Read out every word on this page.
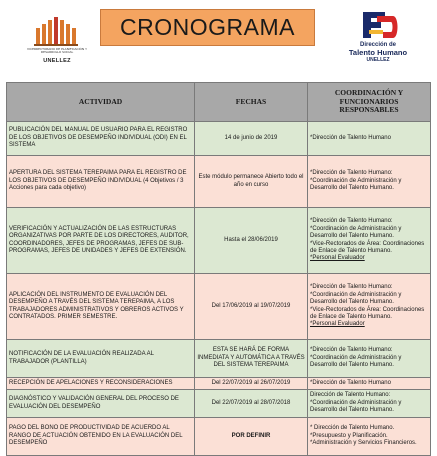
VICERRECTORADO DE PLANIFICACIÓN Y DESARROLLO SOCIAL
UNELLEZ
CRONOGRAMA
Dirección de
Talento Humano
UNELLEZ
ACTIVIDAD	FECHAS	COORDINACIÓN Y FUNCIONARIOS RESPONSABLES
PUBLICACIÓN DEL MANUAL DE USUARIO PARA EL REGISTRO DE LOS OBJETIVOS DE DESEMPEÑO INDIVIDUAL (ODI) EN EL SISTEMA	14 de junio de 2019	*Dirección de Talento Humano

APERTURA DEL SISTEMA TEREPAIMA PARA EL REGISTRO DE LOS OBJETIVOS DE DESEMPEÑO INDIVIDUAL (4 Objetivos / 3 Acciones para cada objetivo)	Este módulo permanece Abierto todo el año en curso	*Dirección de Talento Humano:
*Coordinación de Administración y Desarrollo del Talento Humano.

VERIFICACIÓN Y ACTUALIZACIÓN DE LAS ESTRUCTURAS ORGANIZATIVAS POR PARTE DE LOS DIRECTORES, AUDITOR, COORDINADORES, JEFES DE PROGRAMAS, JEFES DE SUB-PROGRAMAS, JEFES DE UNIDADES Y JEFES DE EXTENSIÓN.	Hasta el 28/06/2019	*Dirección de Talento Humano:
*Coordinación de Administración y Desarrollo del Talento Humano.
*Vice-Rectorados de Área: Coordinaciones de Enlace de Talento Humano.
*Personal Evaluador

APLICACIÓN DEL INSTRUMENTO DE EVALUACIÓN DEL DESEMPEÑO A TRAVÉS DEL SISTEMA TEREPAIMA, A LOS TRABAJADORES ADMINISTRATIVOS Y OBREROS ACTIVOS Y CONTRATADOS. PRIMER SEMESTRE.	Del 17/06/2019 al 19/07/2019	*Dirección de Talento Humano:
*Coordinación de Administración y Desarrollo del Talento Humano.
*Vice-Rectorados de Área: Coordinaciones de Enlace de Talento Humano.
*Personal Evaluador

NOTIFICACIÓN DE LA EVALUACIÓN REALIZADA AL TRABAJADOR (PLANTILLA)	ESTA SE HARÁ DE FORMA INMEDIATA Y AUTOMÁTICA A TRAVÉS DEL SISTEMA TEREPAIMA	*Dirección de Talento Humano:
*Coordinación de Administración y Desarrollo del Talento Humano.

RECEPCIÓN DE APELACIONES Y RECONSIDERACIONES	Del 22/07/2019 al 26/07/2019	*Dirección de Talento Humano

DIAGNÓSTICO Y VALIDACIÓN GENERAL DEL PROCESO DE EVALUACIÓN DEL DESEMPEÑO	Del 22/07/2019 al 28/07/2018	Dirección de Talento Humano:
*Coordinación de Administración y Desarrollo del Talento Humano.

PAGO DEL BONO DE PRODUCTIVIDAD DE ACUERDO AL RANGO DE ACTUACIÓN OBTENIDO EN LA EVALUACIÓN DEL DESEMPEÑO	POR DEFINIR	* Dirección de Talento Humano.
*Presupuesto y Planificación.
*Administración y Servicios Financieros.
